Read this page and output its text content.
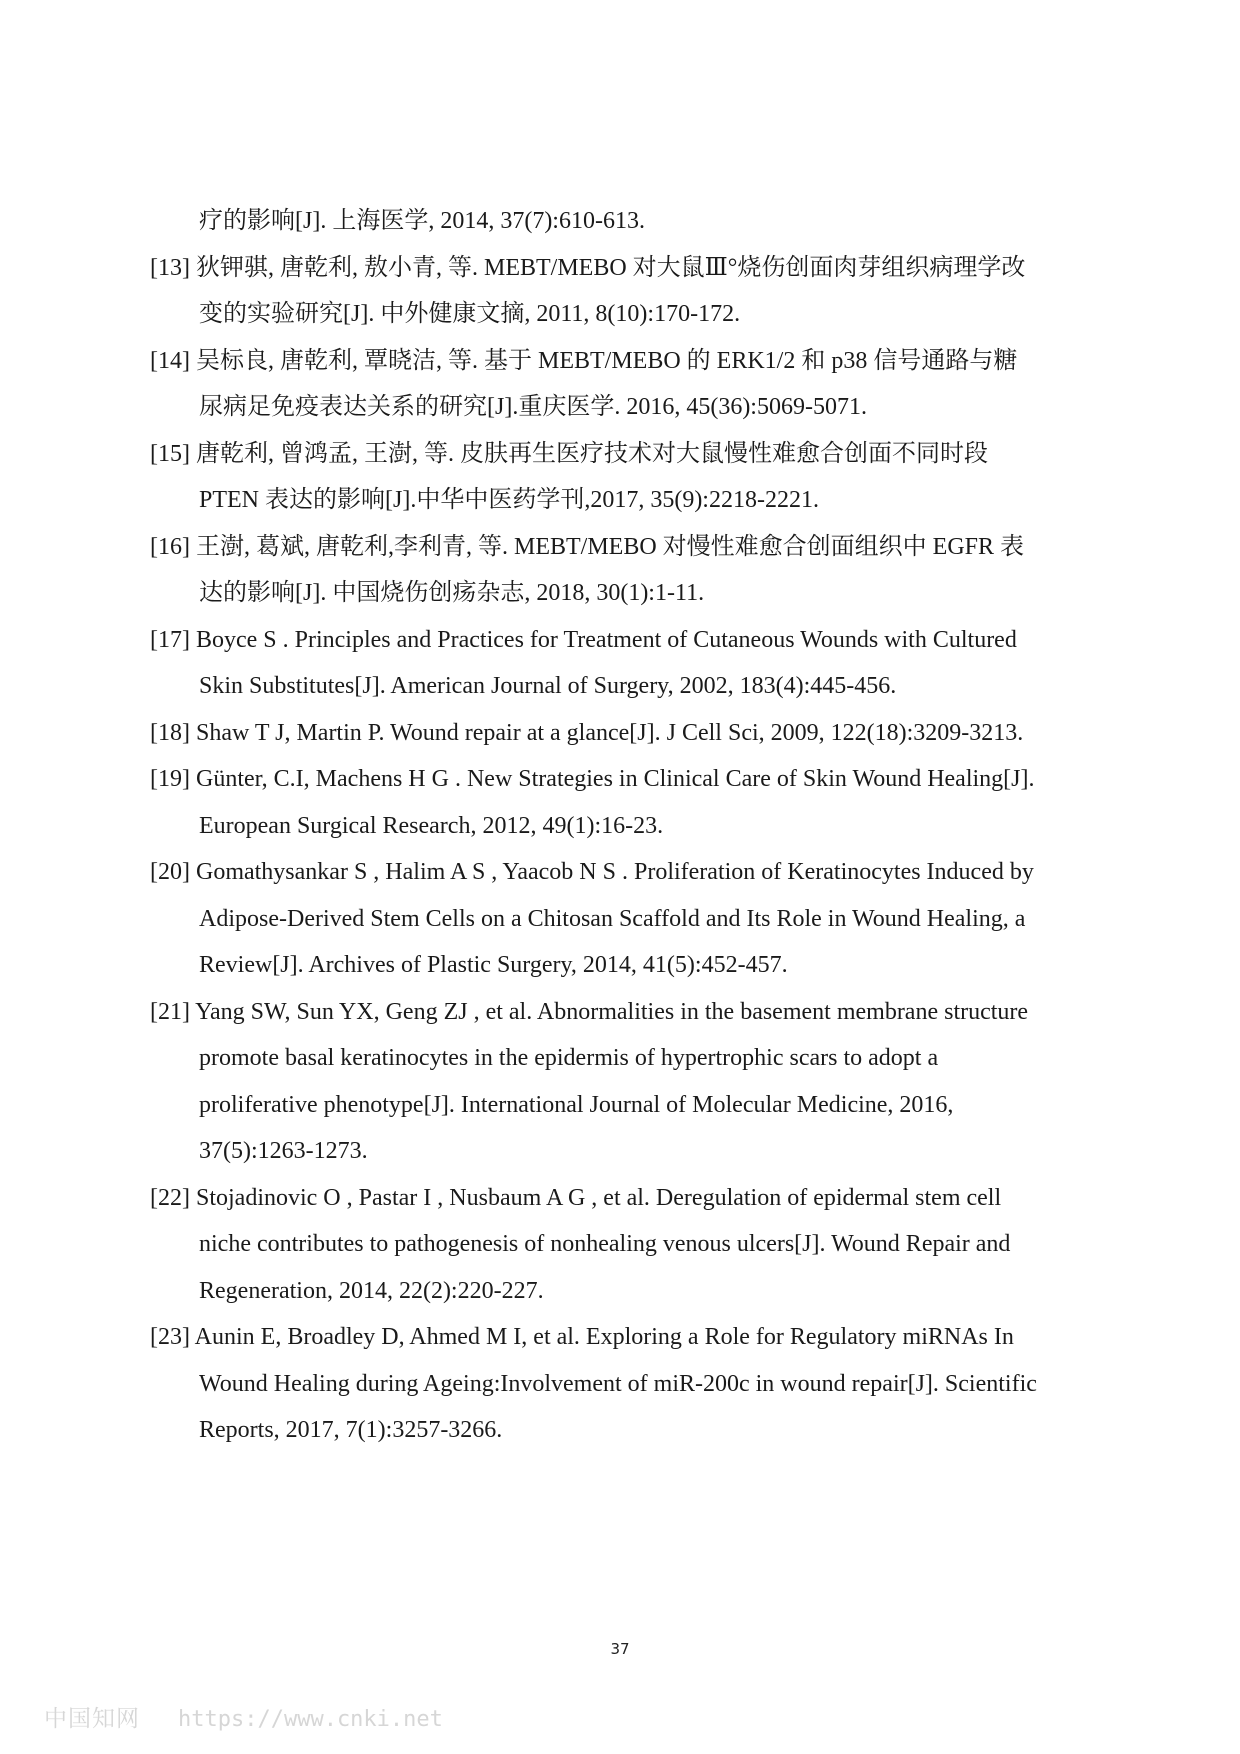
疗的影响[J]. 上海医学, 2014, 37(7):610-613.
[13] 狄钾骐, 唐乾利, 敖小青, 等. MEBT/MEBO 对大鼠Ⅲ°烧伤创面肉芽组织病理学改
变的实验研究[J]. 中外健康文摘, 2011, 8(10):170-172.
[14] 吴标良, 唐乾利, 覃晓洁, 等. 基于 MEBT/MEBO 的 ERK1/2 和 p38 信号通路与糖
尿病足免疫表达关系的研究[J].重庆医学. 2016, 45(36):5069-5071.
[15] 唐乾利, 曾鸿孟, 王澍, 等. 皮肤再生医疗技术对大鼠慢性难愈合创面不同时段
PTEN 表达的影响[J].中华中医药学刊,2017, 35(9):2218-2221.
[16] 王澍, 葛斌, 唐乾利,李利青, 等. MEBT/MEBO 对慢性难愈合创面组织中 EGFR 表
达的影响[J]. 中国烧伤创疡杂志, 2018, 30(1):1-11.
[17] Boyce S . Principles and Practices for Treatment of Cutaneous Wounds with Cultured
Skin Substitutes[J]. American Journal of Surgery, 2002, 183(4):445-456.
[18] Shaw T J, Martin P. Wound repair at a glance[J]. J Cell Sci, 2009, 122(18):3209-3213.
[19] Günter, C.I, Machens H G . New Strategies in Clinical Care of Skin Wound Healing[J].
European Surgical Research, 2012, 49(1):16-23.
[20] Gomathysankar S , Halim A S , Yaacob N S . Proliferation of Keratinocytes Induced by
Adipose-Derived Stem Cells on a Chitosan Scaffold and Its Role in Wound Healing, a
Review[J]. Archives of Plastic Surgery, 2014, 41(5):452-457.
[21] Yang SW, Sun YX, Geng ZJ , et al. Abnormalities in the basement membrane structure
promote basal keratinocytes in the epidermis of hypertrophic scars to adopt a
proliferative phenotype[J]. International Journal of Molecular Medicine, 2016,
37(5):1263-1273.
[22] Stojadinovic O , Pastar I , Nusbaum A G , et al. Deregulation of epidermal stem cell
niche contributes to pathogenesis of nonhealing venous ulcers[J]. Wound Repair and
Regeneration, 2014, 22(2):220-227.
[23] Aunin E, Broadley D, Ahmed M I, et al. Exploring a Role for Regulatory miRNAs In
Wound Healing during Ageing:Involvement of miR-200c in wound repair[J]. Scientific
Reports, 2017, 7(1):3257-3266.
37
中国知网 https://www.cnki.net
